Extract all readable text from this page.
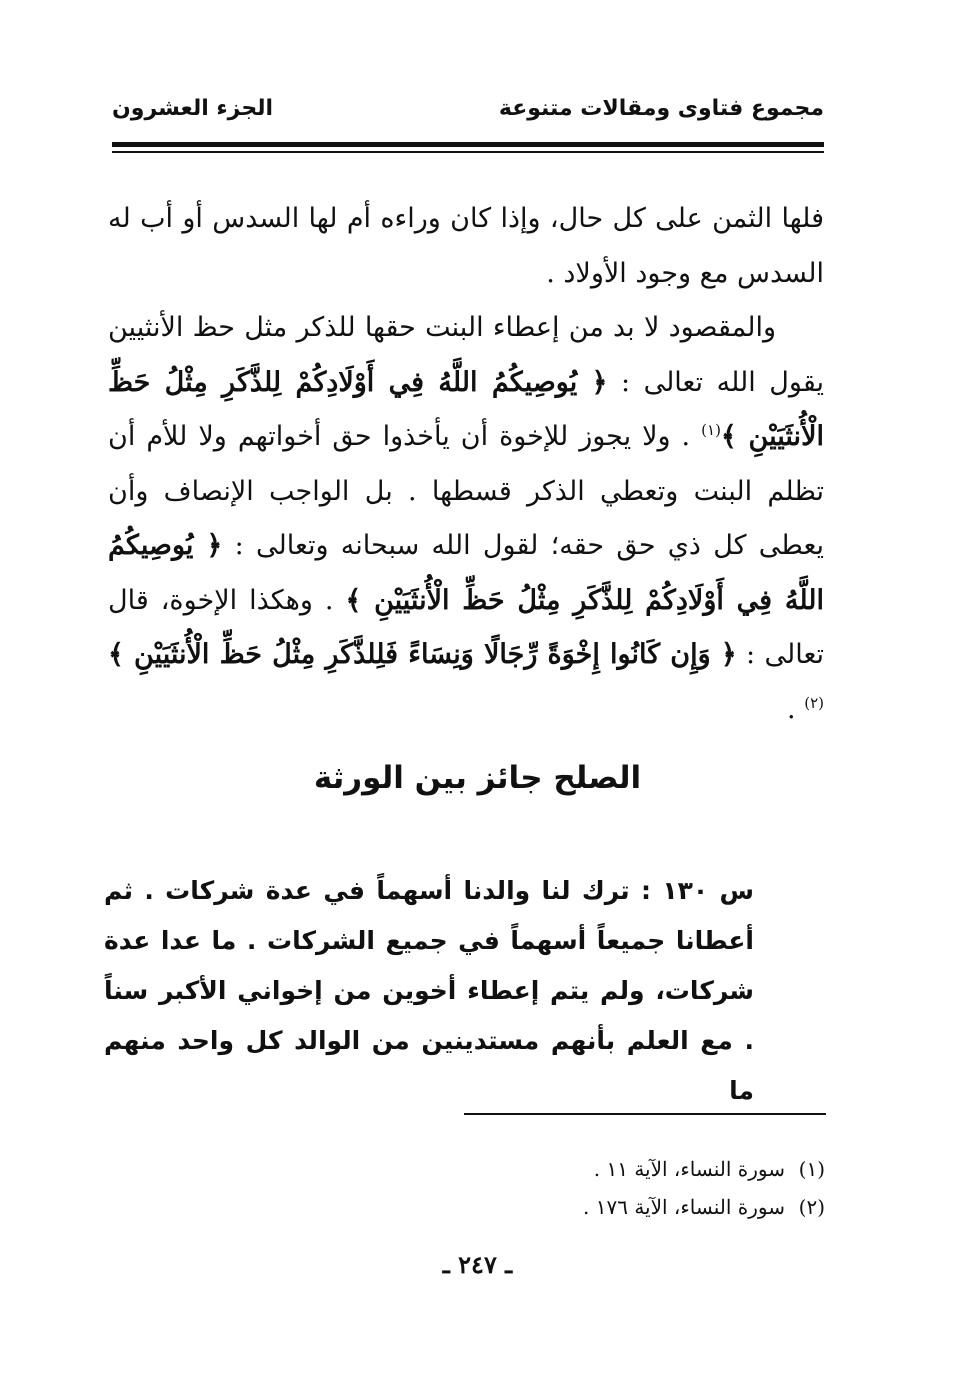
مجموع فتاوى ومقالات متنوعة
الجزء العشرون

فلها الثمن على كل حال، وإذا كان وراءه أم لها السدس أو أب له السدس مع وجود الأولاد .

والمقصود لا بد من إعطاء البنت حقها للذكر مثل حظ الأنثيين يقول الله تعالى : ﴿ يُوصِيكُمُ اللَّهُ فِي أَوْلَادِكُمْ لِلذَّكَرِ مِثْلُ حَظِّ الْأُنثَيَيْنِ ﴾$^{(١)}$ . ولا يجوز للإخوة أن يأخذوا حق أخواتهم ولا للأم أن تظلم البنت وتعطي الذكر قسطها . بل الواجب الإنصاف وأن يعطى كل ذي حق حقه؛ لقول الله سبحانه وتعالى : ﴿ يُوصِيكُمُ اللَّهُ فِي أَوْلَادِكُمْ لِلذَّكَرِ مِثْلُ حَظِّ الْأُنثَيَيْنِ ﴾ . وهكذا الإخوة، قال تعالى : ﴿ وَإِن كَانُوا إِخْوَةً رِّجَالًا وَنِسَاءً فَلِلذَّكَرِ مِثْلُ حَظِّ الْأُنثَيَيْنِ ﴾$^{(٢)}$ .

الصلح جائز بين الورثة

س ١٣٠ : ترك لنا والدنا أسهماً في عدة شركات . ثم أعطانا جميعاً أسهماً في جميع الشركات . ما عدا عدة شركات، ولم يتم إعطاء أخوين من إخواني الأكبر سناً . مع العلم بأنهم مستدينين من الوالد كل واحد منهم ما

(١)سورة النساء، الآية ١١ .
(٢)سورة النساء، الآية ١٧٦ .
ـ ٢٤٧ ـ
